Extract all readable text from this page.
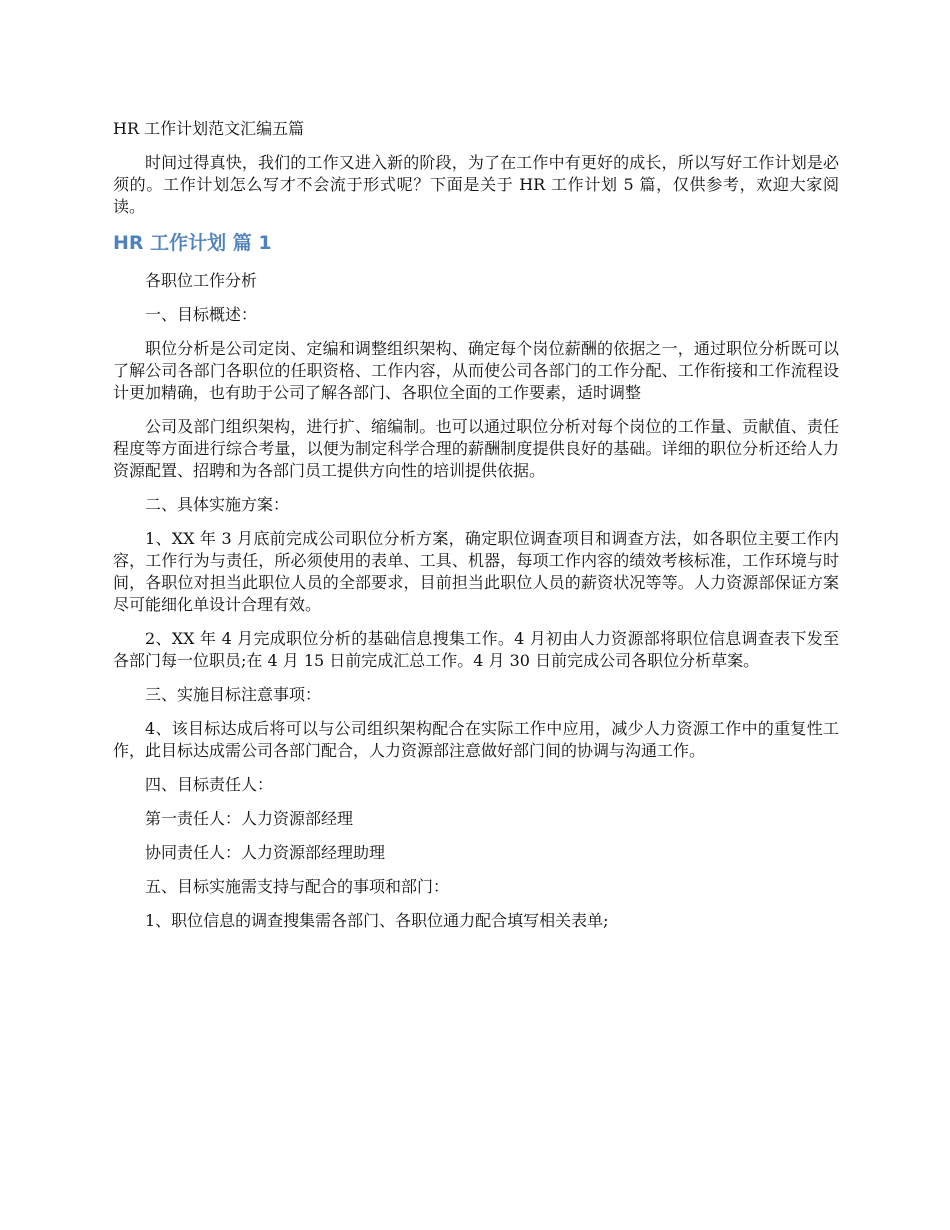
HR 工作计划范文汇编五篇

时间过得真快，我们的工作又进入新的阶段，为了在工作中有更好的成长，所以写好工作计划是必须的。工作计划怎么写才不会流于形式呢？下面是关于 HR 工作计划 5 篇，仅供参考，欢迎大家阅读。

HR 工作计划 篇 1

各职位工作分析

一、目标概述：

职位分析是公司定岗、定编和调整组织架构、确定每个岗位薪酬的依据之一，通过职位分析既可以了解公司各部门各职位的任职资格、工作内容，从而使公司各部门的工作分配、工作衔接和工作流程设计更加精确，也有助于公司了解各部门、各职位全面的工作要素，适时调整

公司及部门组织架构，进行扩、缩编制。也可以通过职位分析对每个岗位的工作量、贡献值、责任程度等方面进行综合考量，以便为制定科学合理的薪酬制度提供良好的基础。详细的职位分析还给人力资源配置、招聘和为各部门员工提供方向性的培训提供依据。

二、具体实施方案：

1、XX 年 3 月底前完成公司职位分析方案，确定职位调查项目和调查方法，如各职位主要工作内容，工作行为与责任，所必须使用的表单、工具、机器，每项工作内容的绩效考核标准，工作环境与时间，各职位对担当此职位人员的全部要求，目前担当此职位人员的薪资状况等等。人力资源部保证方案尽可能细化单设计合理有效。

2、XX 年 4 月完成职位分析的基础信息搜集工作。4 月初由人力资源部将职位信息调查表下发至各部门每一位职员;在 4 月 15 日前完成汇总工作。4 月 30 日前完成公司各职位分析草案。

三、实施目标注意事项：

4、该目标达成后将可以与公司组织架构配合在实际工作中应用，减少人力资源工作中的重复性工作，此目标达成需公司各部门配合，人力资源部注意做好部门间的协调与沟通工作。

四、目标责任人：

第一责任人：人力资源部经理

协同责任人：人力资源部经理助理

五、目标实施需支持与配合的事项和部门：

1、职位信息的调查搜集需各部门、各职位通力配合填写相关表单;
